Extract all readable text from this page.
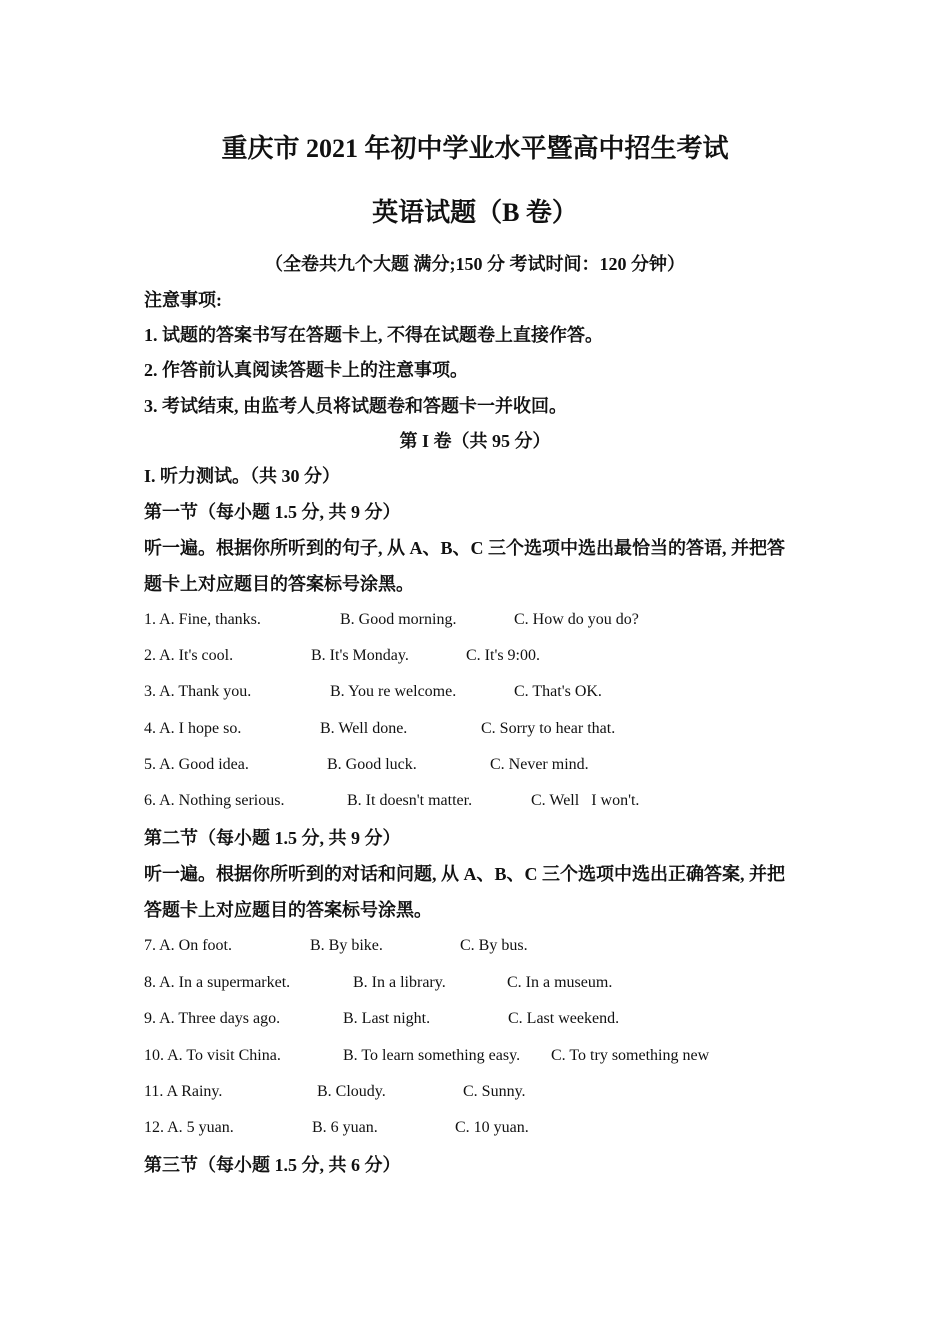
重庆市 2021 年初中学业水平暨高中招生考试
英语试题（B 卷）
（全卷共九个大题 满分;150 分 考试时间：120 分钟）
注意事项:
1. 试题的答案书写在答题卡上, 不得在试题卷上直接作答。
2. 作答前认真阅读答题卡上的注意事项。
3. 考试结束, 由监考人员将试题卷和答题卡一并收回。
第 I 卷（共 95 分）
I. 听力测试。（共 30 分）
第一节（每小题 1.5 分, 共 9 分）
听一遍。根据你所听到的句子, 从 A、B、C 三个选项中选出最恰当的答语, 并把答
题卡上对应题目的答案标号涂黑。
1. A. Fine, thanks.	B. Good morning.	C. How do you do?
2. A. It's cool.	B. It's Monday.	C. It's 9:00.
3. A. Thank you.	B. You re welcome.	C. That's OK.
4. A. I hope so.	B. Well done.	C. Sorry to hear that.
5. A. Good idea.	B. Good luck.	C. Never mind.
6. A. Nothing serious.	B. It doesn't matter.	C. Well   I won't.
第二节（每小题 1.5 分, 共 9 分）
听一遍。根据你所听到的对话和问题, 从 A、B、C 三个选项中选出正确答案, 并把
答题卡上对应题目的答案标号涂黑。
7. A. On foot.	B. By bike.	C. By bus.
8. A. In a supermarket.	B. In a library.	C. In a museum.
9. A. Three days ago.	B. Last night.	C. Last weekend.
10. A. To visit China.	B. To learn something easy. C. To try something new
11. A Rainy.	B. Cloudy.	C. Sunny.
12. A. 5 yuan.	B. 6 yuan.	C. 10 yuan.
第三节（每小题 1.5 分, 共 6 分）
